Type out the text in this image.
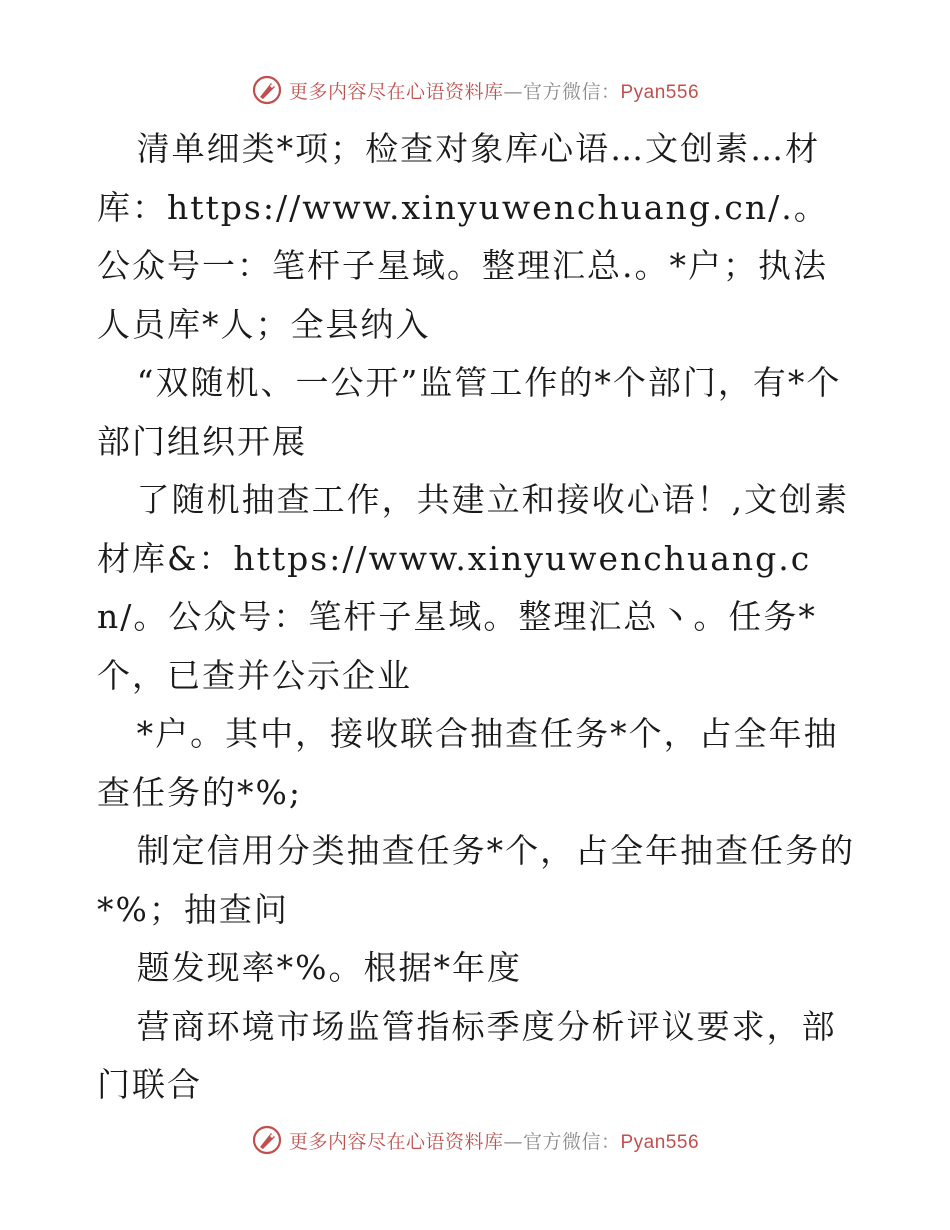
更多内容尽在心语资料库—官方微信：Pyan556

清单细类*项；检查对象库心语…文创素…材库：https://www.xinyuwenchuang.cn/.。公众号一：笔杆子星域。整理汇总.。*户；执法人员库*人；全县纳入

“双随机、一公开”监管工作的*个部门，有*个部门组织开展

了随机抽查工作，共建立和接收心语！,文创素材库&：https://www.xinyuwenchuang.cn/。公众号：笔杆子星域。整理汇总丶。任务*个，已查并公示企业

*户。其中，接收联合抽查任务*个，占全年抽查任务的*%;

制定信用分类抽查任务*个，占全年抽查任务的*%；抽查问

题发现率*%。根据*年度

营商环境市场监管指标季度分析评议要求，部门联合

更多内容尽在心语资料库—官方微信：Pyan556
